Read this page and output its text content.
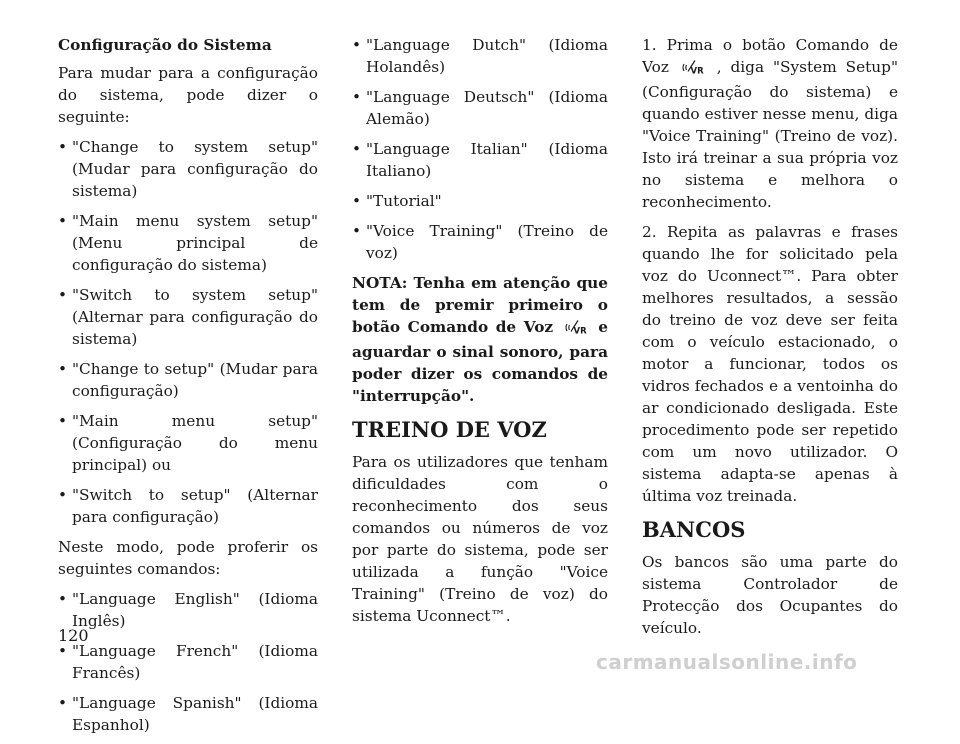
Configuração do Sistema

Para mudar para a configuração do sistema, pode dizer o seguinte:

• "Change to system setup" (Mudar para configuração do sistema)
• "Main menu system setup" (Menu principal de configuração do sistema)
• "Switch to system setup" (Alternar para configuração do sistema)
• "Change to setup" (Mudar para configuração)
• "Main menu setup" (Configuração do menu principal) ou
• "Switch to setup" (Alternar para configuração)

Neste modo, pode proferir os seguintes comandos:

• "Language English" (Idioma Inglês)
• "Language French" (Idioma Francês)
• "Language Spanish" (Idioma Espanhol)
• "Language Dutch" (Idioma Holandês)
• "Language Deutsch" (Idioma Alemão)
• "Language Italian" (Idioma Italiano)
• "Tutorial"
• "Voice Training" (Treino de voz)

NOTA: Tenha em atenção que tem de premir primeiro o botão Comando de Voz VR e aguardar o sinal sonoro, para poder dizer os comandos de "interrupção".

TREINO DE VOZ

Para os utilizadores que tenham dificuldades com o reconhecimento dos seus comandos ou números de voz por parte do sistema, pode ser utilizada a função "Voice Training" (Treino de voz) do sistema Uconnect™.

1. Prima o botão Comando de Voz	VR , diga "System Setup" (Configuração do sistema) e quando estiver nesse menu, diga "Voice Training" (Treino de voz). Isto irá treinar a sua própria voz no sistema e melhora o reconhecimento.

2. Repita as palavras e frases quando lhe for solicitado pela voz do Uconnect™. Para obter melhores resultados, a sessão do treino de voz deve ser feita com o veículo estacionado, o motor a funcionar, todos os vidros fechados e a ventoinha do ar condicionado desligada. Este procedimento pode ser repetido com um novo utilizador. O sistema adapta-se apenas à última voz treinada.

BANCOS

Os bancos são uma parte do sistema Controlador de Protecção dos Ocupantes do veículo.

120
carmanualsonline.info
